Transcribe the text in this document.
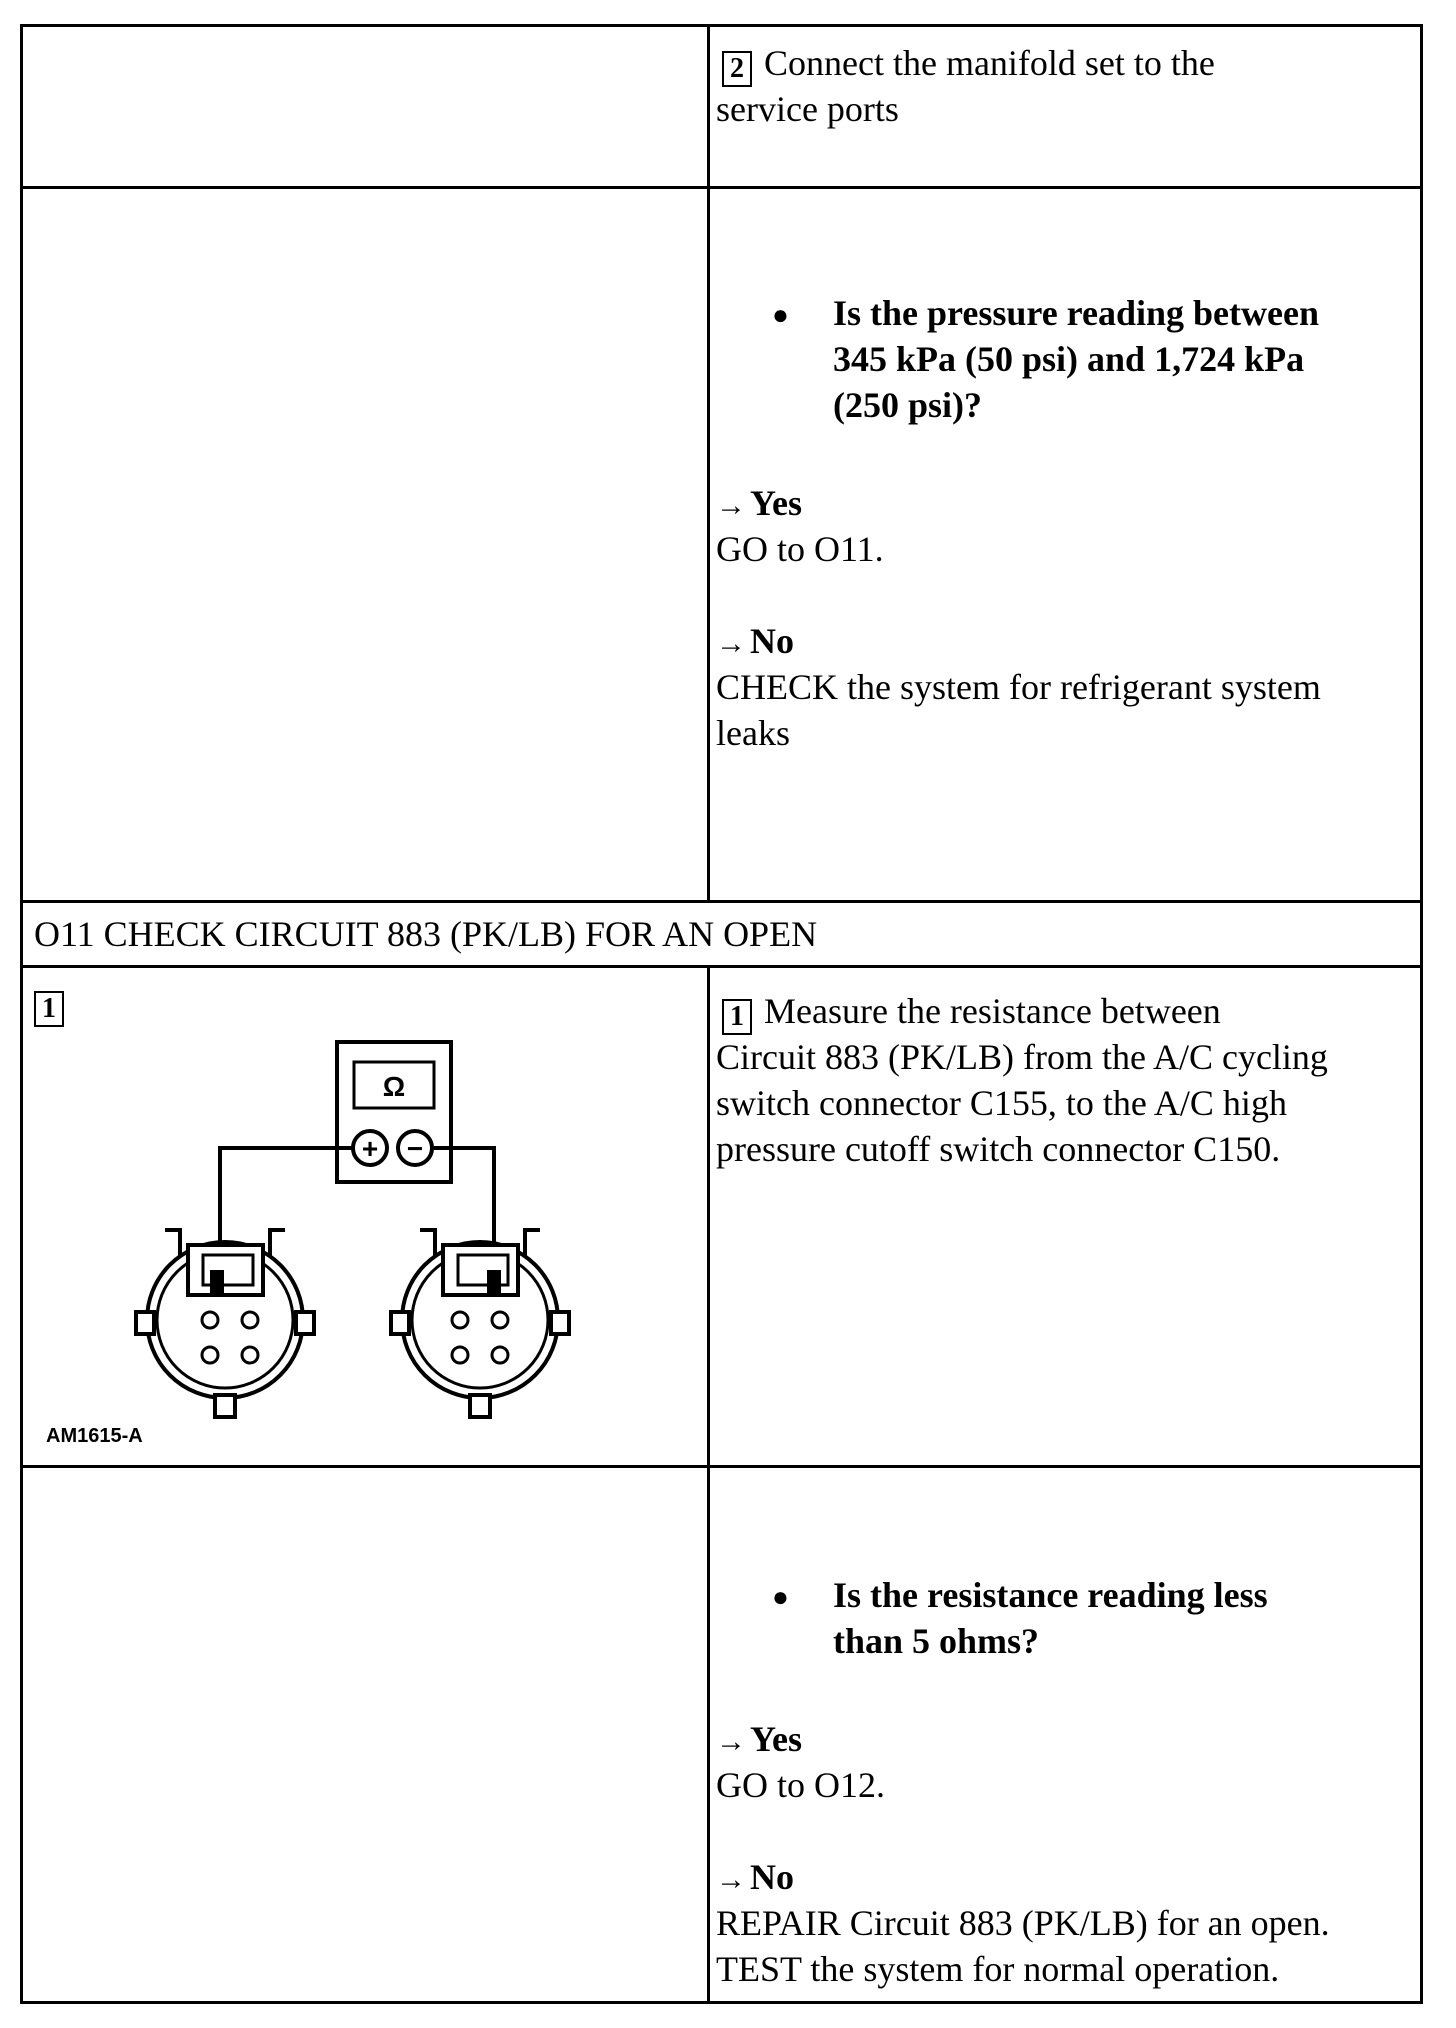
2 Connect the manifold set to the
service ports
● Is the pressure reading between
345 kPa (50 psi) and 1,724 kPa
(250 psi)?
→ Yes
GO to O11.
→ No
CHECK the system for refrigerant system
leaks
O11 CHECK CIRCUIT 883 (PK/LB) FOR AN OPEN
1
Ω
+ −
AM1615-A
1 Measure the resistance between
Circuit 883 (PK/LB) from the A/C cycling
switch connector C155, to the A/C high
pressure cutoff switch connector C150.
● Is the resistance reading less
than 5 ohms?
→ Yes
GO to O12.
→ No
REPAIR Circuit 883 (PK/LB) for an open.
TEST the system for normal operation.
